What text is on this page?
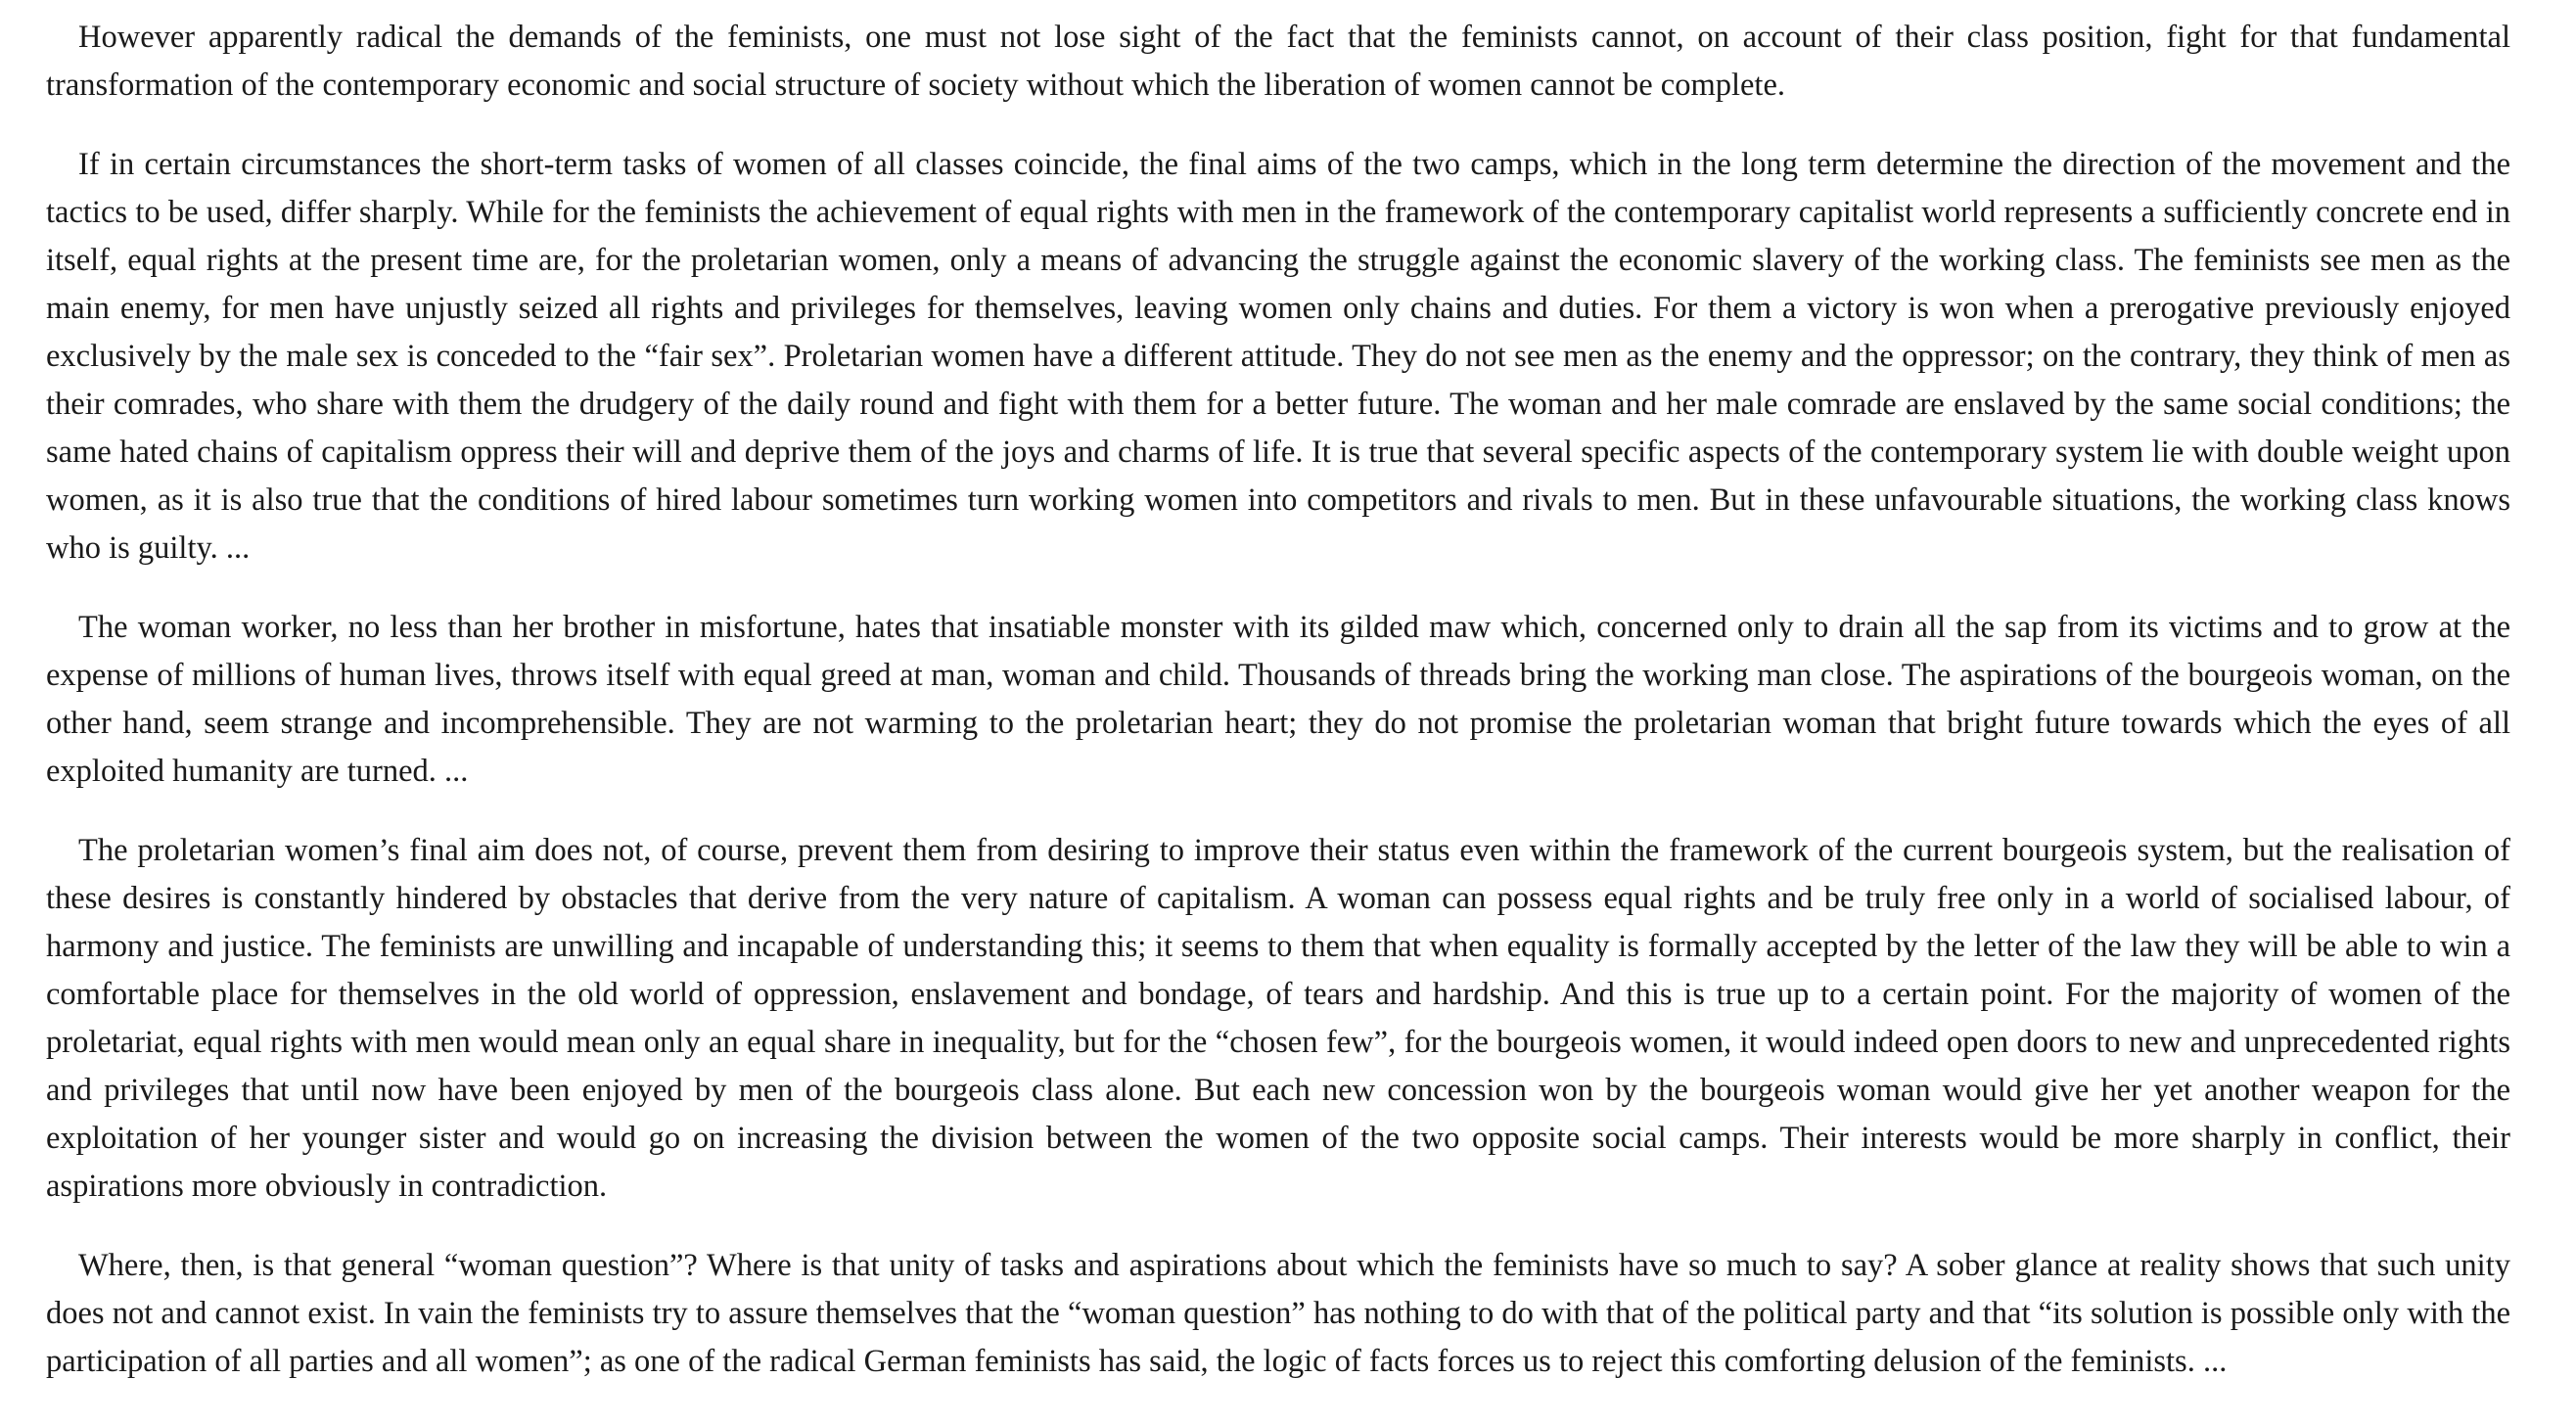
However apparently radical the demands of the feminists, one must not lose sight of the fact that the feminists cannot, on account of their class position, fight for that fundamental transformation of the contemporary economic and social structure of society without which the liberation of women cannot be complete.

If in certain circumstances the short-term tasks of women of all classes coincide, the final aims of the two camps, which in the long term determine the direction of the movement and the tactics to be used, differ sharply. While for the feminists the achievement of equal rights with men in the framework of the contemporary capitalist world represents a sufficiently concrete end in itself, equal rights at the present time are, for the proletarian women, only a means of advancing the struggle against the economic slavery of the working class. The feminists see men as the main enemy, for men have unjustly seized all rights and privileges for themselves, leaving women only chains and duties. For them a victory is won when a prerogative previously enjoyed exclusively by the male sex is conceded to the “fair sex”. Proletarian women have a different attitude. They do not see men as the enemy and the oppressor; on the contrary, they think of men as their comrades, who share with them the drudgery of the daily round and fight with them for a better future. The woman and her male comrade are enslaved by the same social conditions; the same hated chains of capitalism oppress their will and deprive them of the joys and charms of life. It is true that several specific aspects of the contemporary system lie with double weight upon women, as it is also true that the conditions of hired labour sometimes turn working women into competitors and rivals to men. But in these unfavourable situations, the working class knows who is guilty. ...

The woman worker, no less than her brother in misfortune, hates that insatiable monster with its gilded maw which, concerned only to drain all the sap from its victims and to grow at the expense of millions of human lives, throws itself with equal greed at man, woman and child. Thousands of threads bring the working man close. The aspirations of the bourgeois woman, on the other hand, seem strange and incomprehensible. They are not warming to the proletarian heart; they do not promise the proletarian woman that bright future towards which the eyes of all exploited humanity are turned. ...

The proletarian women’s final aim does not, of course, prevent them from desiring to improve their status even within the framework of the current bourgeois system, but the realisation of these desires is constantly hindered by obstacles that derive from the very nature of capitalism. A woman can possess equal rights and be truly free only in a world of socialised labour, of harmony and justice. The feminists are unwilling and incapable of understanding this; it seems to them that when equality is formally accepted by the letter of the law they will be able to win a comfortable place for themselves in the old world of oppression, enslavement and bondage, of tears and hardship. And this is true up to a certain point. For the majority of women of the proletariat, equal rights with men would mean only an equal share in inequality, but for the “chosen few”, for the bourgeois women, it would indeed open doors to new and unprecedented rights and privileges that until now have been enjoyed by men of the bourgeois class alone. But each new concession won by the bourgeois woman would give her yet another weapon for the exploitation of her younger sister and would go on increasing the division between the women of the two opposite social camps. Their interests would be more sharply in conflict, their aspirations more obviously in contradiction.

Where, then, is that general “woman question”? Where is that unity of tasks and aspirations about which the feminists have so much to say? A sober glance at reality shows that such unity does not and cannot exist. In vain the feminists try to assure themselves that the “woman question” has nothing to do with that of the political party and that “its solution is possible only with the participation of all parties and all women”; as one of the radical German feminists has said, the logic of facts forces us to reject this comforting delusion of the feminists. ...
